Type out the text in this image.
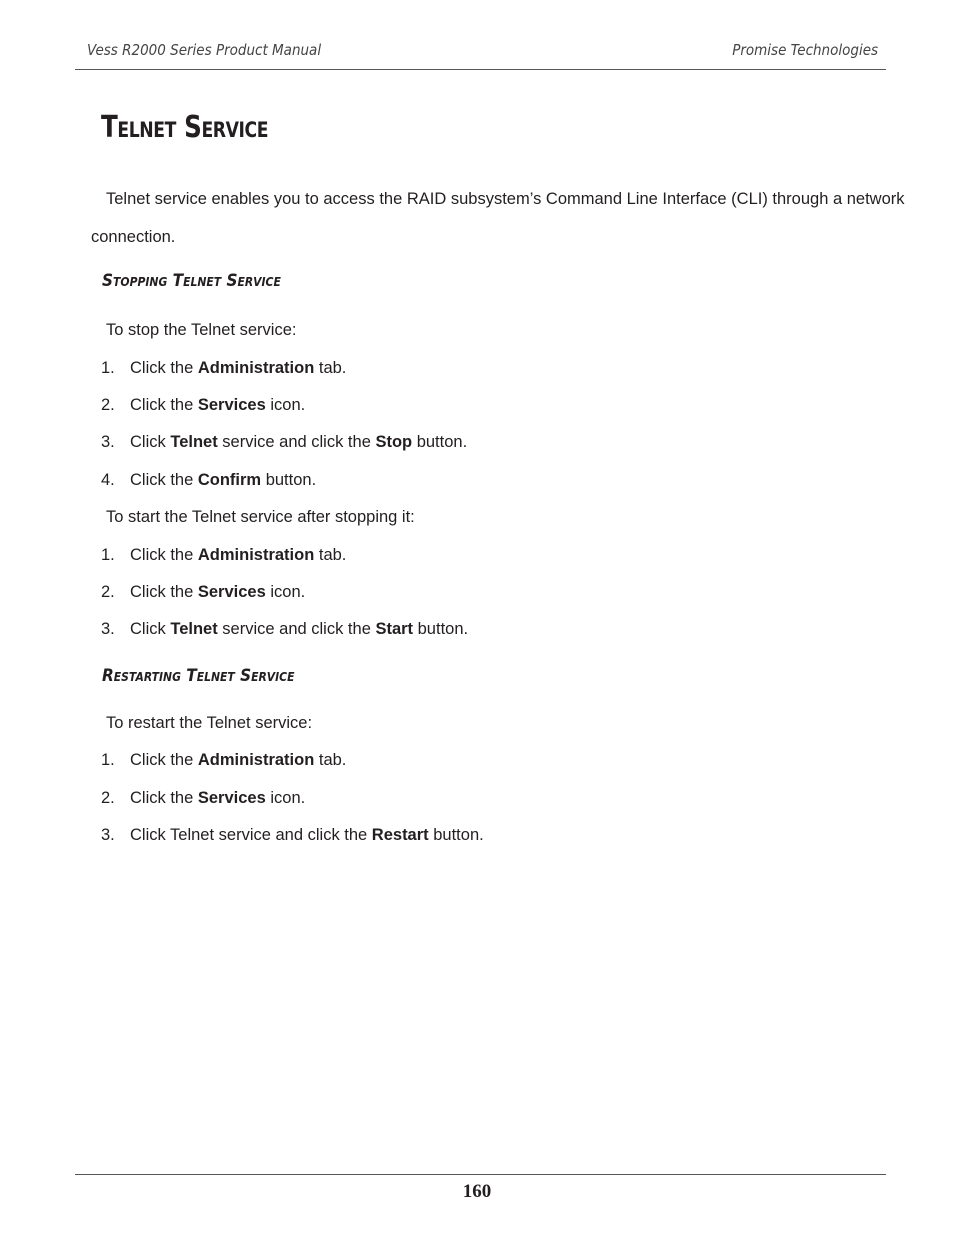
Vess R2000 Series Product Manual	Promise Technologies
Telnet Service

Telnet service enables you to access the RAID subsystem’s Command Line Interface (CLI) through a network

connection.

Stopping Telnet Service

To stop the Telnet service:

1. Click the Administration tab.
2. Click the Services icon.
3. Click Telnet service and click the Stop button.
4. Click the Confirm button.

To start the Telnet service after stopping it:

1. Click the Administration tab.
2. Click the Services icon.
3. Click Telnet service and click the Start button.
Restarting Telnet Service

To restart the Telnet service:

1. Click the Administration tab.
2. Click the Services icon.
3. Click Telnet service and click the Restart button.
160
